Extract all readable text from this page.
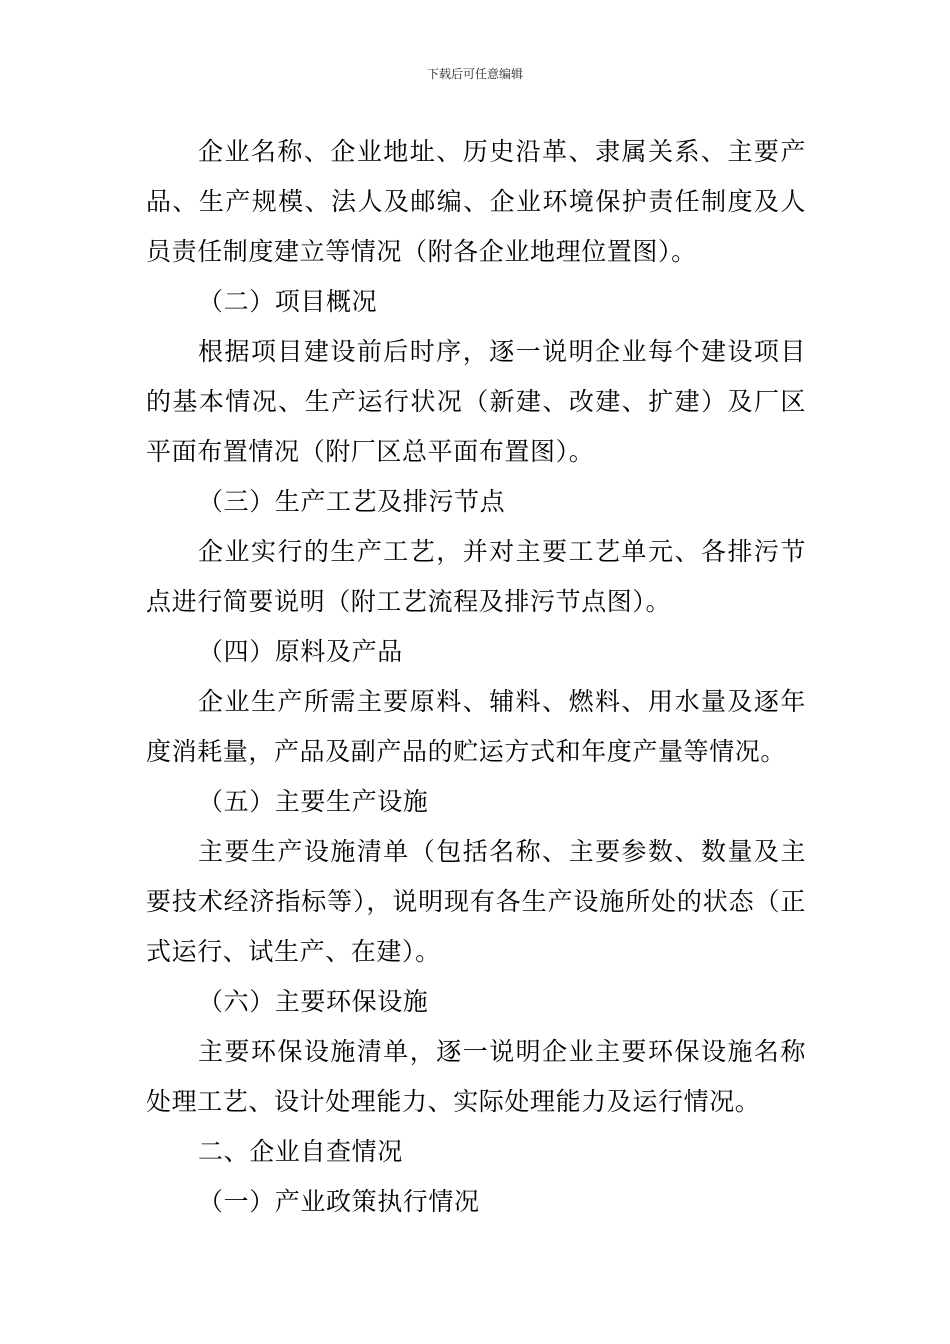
下载后可任意编辑

企业名称、企业地址、历史沿革、隶属关系、主要产品、生产规模、法人及邮编、企业环境保护责任制度及人员责任制度建立等情况（附各企业地理位置图）。

（二）项目概况

根据项目建设前后时序，逐一说明企业每个建设项目的基本情况、生产运行状况（新建、改建、扩建）及厂区平面布置情况（附厂区总平面布置图）。

（三）生产工艺及排污节点

企业实行的生产工艺，并对主要工艺单元、各排污节点进行简要说明（附工艺流程及排污节点图）。

（四）原料及产品

企业生产所需主要原料、辅料、燃料、用水量及逐年度消耗量，产品及副产品的贮运方式和年度产量等情况。

（五）主要生产设施

主要生产设施清单（包括名称、主要参数、数量及主要技术经济指标等），说明现有各生产设施所处的状态（正式运行、试生产、在建）。

（六）主要环保设施

主要环保设施清单，逐一说明企业主要环保设施名称处理工艺、设计处理能力、实际处理能力及运行情况。

二、企业自查情况
（一）产业政策执行情况
